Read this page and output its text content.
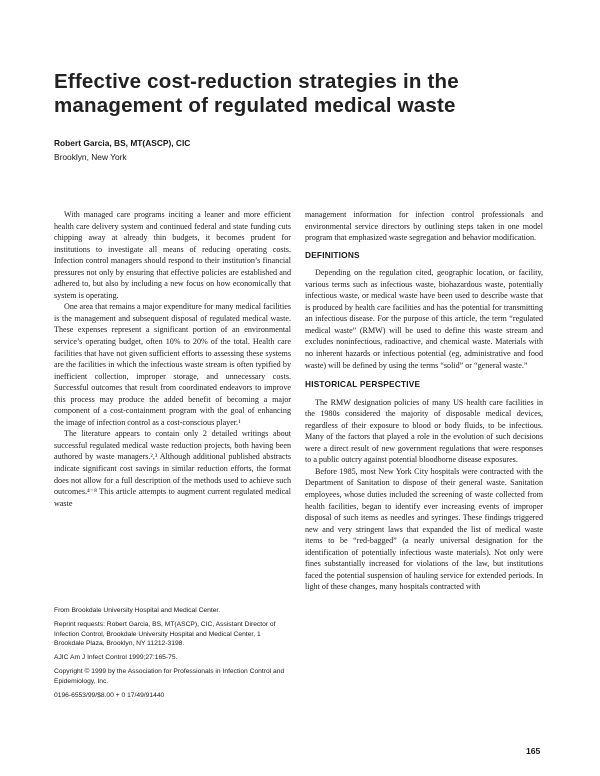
Effective cost-reduction strategies in the management of regulated medical waste

Robert Garcia, BS, MT(ASCP), CIC

Brooklyn, New York

With managed care programs inciting a leaner and more efficient health care delivery system and continued federal and state funding cuts chipping away at already thin budgets, it becomes prudent for institutions to investigate all means of reducing operating costs. Infection control managers should respond to their institution’s financial pressures not only by ensuring that effective policies are established and adhered to, but also by including a new focus on how economically that system is operating.

One area that remains a major expenditure for many medical facilities is the management and subsequent disposal of regulated medical waste. These expenses represent a significant portion of an environmental service’s operating budget, often 10% to 20% of the total. Health care facilities that have not given sufficient efforts to assessing these systems are the facilities in which the infectious waste stream is often typified by inefficient collection, improper storage, and unnecessary costs. Successful outcomes that result from coordinated endeavors to improve this process may produce the added benefit of becoming a major component of a cost-containment program with the goal of enhancing the image of infection control as a cost-conscious player.¹

The literature appears to contain only 2 detailed writings about successful regulated medical waste reduction projects, both having been authored by waste managers.²,³ Although additional published abstracts indicate significant cost savings in similar reduction efforts, the format does not allow for a full description of the methods used to achieve such outcomes.⁴⁻⁸ This article attempts to augment current regulated medical waste

management information for infection control professionals and environmental service directors by outlining steps taken in one model program that emphasized waste segregation and behavior modification.

DEFINITIONS

Depending on the regulation cited, geographic location, or facility, various terms such as infectious waste, biohazardous waste, potentially infectious waste, or medical waste have been used to describe waste that is produced by health care facilities and has the potential for transmitting an infectious disease. For the purpose of this article, the term “regulated medical waste” (RMW) will be used to define this waste stream and excludes noninfectious, radioactive, and chemical waste. Materials with no inherent hazards or infectious potential (eg, administrative and food waste) will be defined by using the terms “solid” or “general waste.”

HISTORICAL PERSPECTIVE

The RMW designation policies of many US health care facilities in the 1980s considered the majority of disposable medical devices, regardless of their exposure to blood or body fluids, to be infectious. Many of the factors that played a role in the evolution of such decisions were a direct result of new government regulations that were responses to a public outcry against potential bloodborne disease exposures.

Before 1985, most New York City hospitals were contracted with the Department of Sanitation to dispose of their general waste. Sanitation employees, whose duties included the screening of waste collected from health facilities, began to identify ever increasing events of improper disposal of such items as needles and syringes. These findings triggered new and very stringent laws that expanded the list of medical waste items to be “red-bagged” (a nearly universal designation for the identification of potentially infectious waste materials). Not only were fines substantially increased for violations of the law, but institutions faced the potential suspension of hauling service for extended periods. In light of these changes, many hospitals contracted with

From Brookdale University Hospital and Medical Center.

Reprint requests: Robert Garcia, BS, MT(ASCP), CIC, Assistant Director of Infection Control, Brookdale University Hospital and Medical Center, 1 Brookdale Plaza, Brooklyn, NY 11212-3198.

AJIC Am J Infect Control 1999;27:165-75.

Copyright © 1999 by the Association for Professionals in Infection Control and Epidemiology, Inc.

0196-6553/99/$8.00 + 0 17/49/91440

165
